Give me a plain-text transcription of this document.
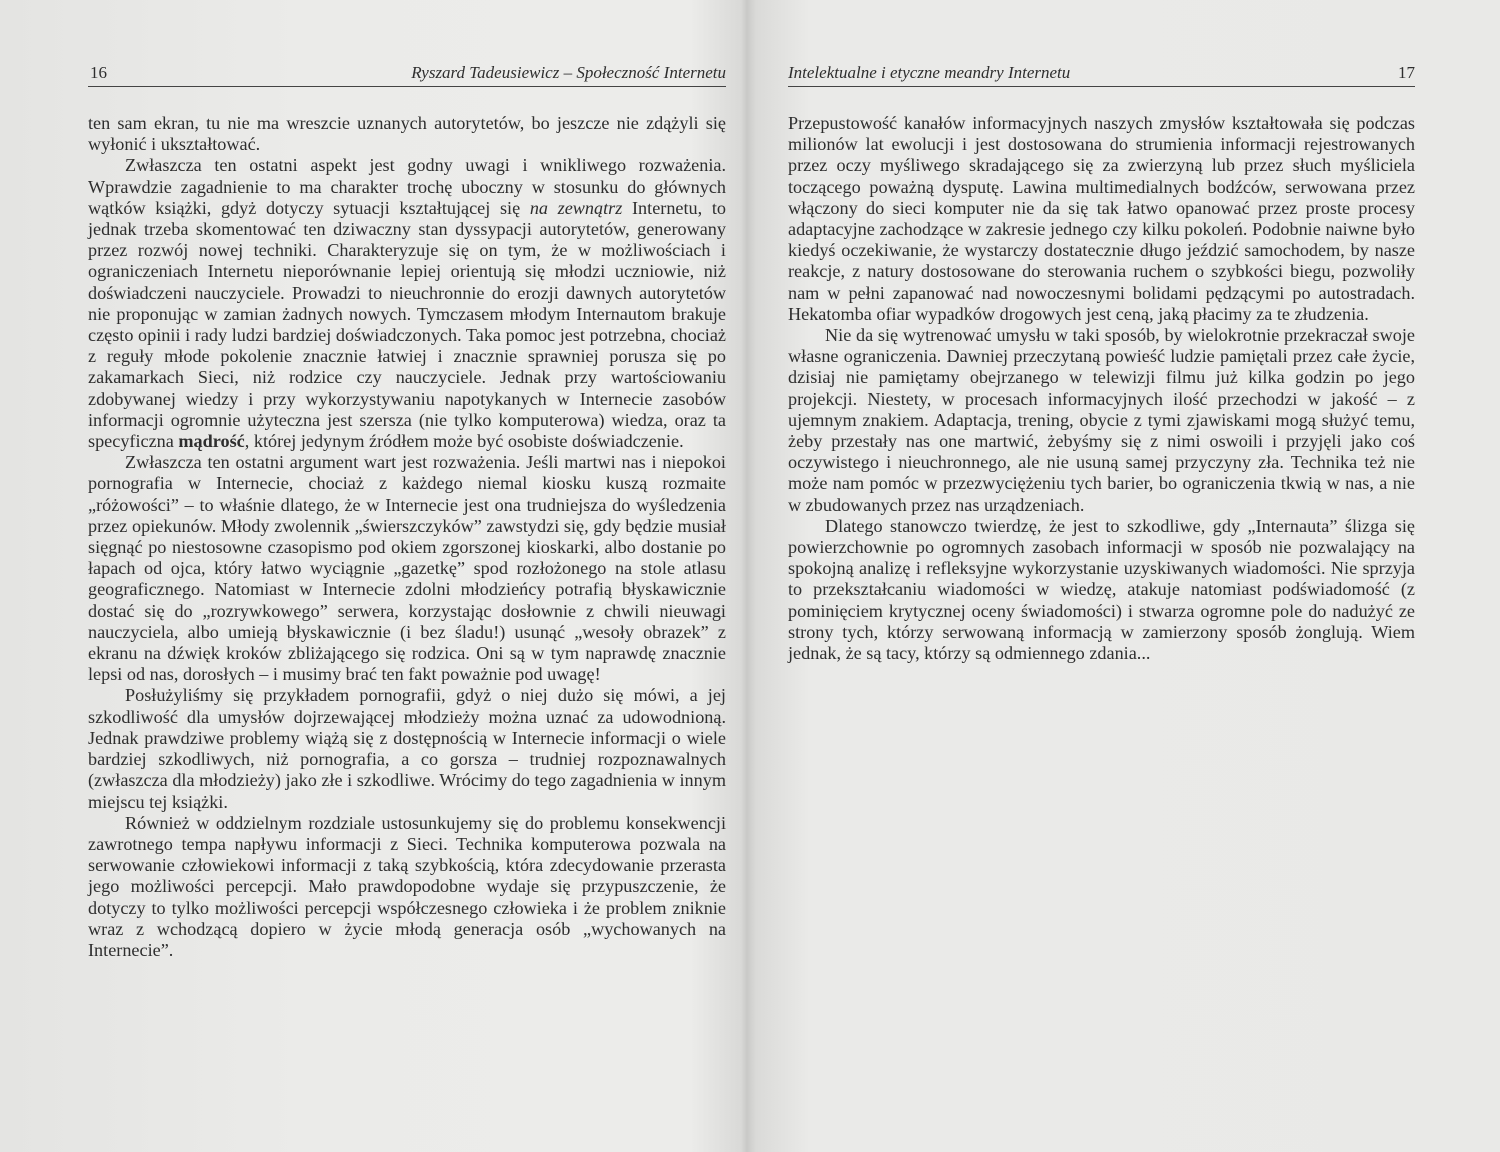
16	Ryszard Tadeusiewicz – Społeczność Internetu

ten sam ekran, tu nie ma wreszcie uznanych autorytetów, bo jeszcze nie zdążyli się wyłonić i ukształtować.

Zwłaszcza ten ostatni aspekt jest godny uwagi i wnikliwego rozważenia. Wprawdzie zagadnienie to ma charakter trochę uboczny w stosunku do głównych wątków książki, gdyż dotyczy sytuacji kształtującej się na zewnątrz Internetu, to jednak trzeba skomentować ten dziwaczny stan dyssypacji autorytetów, generowany przez rozwój nowej techniki. Charakteryzuje się on tym, że w możliwościach i ograniczeniach Internetu nieporównanie lepiej orientują się młodzi uczniowie, niż doświadczeni nauczyciele. Prowadzi to nieuchronnie do erozji dawnych autorytetów nie proponując w zamian żadnych nowych. Tymczasem młodym Internautom brakuje często opinii i rady ludzi bardziej doświadczonych. Taka pomoc jest potrzebna, chociaż z reguły młode pokolenie znacznie łatwiej i znacznie sprawniej porusza się po zakamarkach Sieci, niż rodzice czy nauczyciele. Jednak przy wartościowaniu zdobywanej wiedzy i przy wykorzystywaniu napotykanych w Internecie zasobów informacji ogromnie użyteczna jest szersza (nie tylko komputerowa) wiedza, oraz ta specyficzna mądrość, której jedynym źródłem może być osobiste doświadczenie.

Zwłaszcza ten ostatni argument wart jest rozważenia. Jeśli martwi nas i niepokoi pornografia w Internecie, chociaż z każdego niemal kiosku kuszą rozmaite „różowości” – to właśnie dlatego, że w Internecie jest ona trudniejsza do wyśledzenia przez opiekunów. Młody zwolennik „świerszczyków” zawstydzi się, gdy będzie musiał sięgnąć po niestosowne czasopismo pod okiem zgorszonej kioskarki, albo dostanie po łapach od ojca, który łatwo wyciągnie „gazetkę” spod rozłożonego na stole atlasu geograficznego. Natomiast w Internecie zdolni młodzieńcy potrafią błyskawicznie dostać się do „rozrywkowego” serwera, korzystając dosłownie z chwili nieuwagi nauczyciela, albo umieją błyskawicznie (i bez śladu!) usunąć „wesoły obrazek” z ekranu na dźwięk kroków zbliżającego się rodzica. Oni są w tym naprawdę znacznie lepsi od nas, dorosłych – i musimy brać ten fakt poważnie pod uwagę!

Posłużyliśmy się przykładem pornografii, gdyż o niej dużo się mówi, a jej szkodliwość dla umysłów dojrzewającej młodzieży można uznać za udowodnioną. Jednak prawdziwe problemy wiążą się z dostępnością w Internecie informacji o wiele bardziej szkodliwych, niż pornografia, a co gorsza – trudniej rozpoznawalnych (zwłaszcza dla młodzieży) jako złe i szkodliwe. Wrócimy do tego zagadnienia w innym miejscu tej książki.

Również w oddzielnym rozdziale ustosunkujemy się do problemu konsekwencji zawrotnego tempa napływu informacji z Sieci. Technika komputerowa pozwala na serwowanie człowiekowi informacji z taką szybkością, która zdecydowanie przerasta jego możliwości percepcji. Mało prawdopodobne wydaje się przypuszczenie, że dotyczy to tylko możliwości percepcji współczesnego człowieka i że problem zniknie wraz z wchodzącą dopiero w życie młodą generacja osób „wychowanych na Internecie”.

Intelektualne i etyczne meandry Internetu	17

Przepustowość kanałów informacyjnych naszych zmysłów kształtowała się podczas milionów lat ewolucji i jest dostosowana do strumienia informacji rejestrowanych przez oczy myśliwego skradającego się za zwierzyną lub przez słuch myśliciela toczącego poważną dysputę. Lawina multimedialnych bodźców, serwowana przez włączony do sieci komputer nie da się tak łatwo opanować przez proste procesy adaptacyjne zachodzące w zakresie jednego czy kilku pokoleń. Podobnie naiwne było kiedyś oczekiwanie, że wystarczy dostatecznie długo jeździć samochodem, by nasze reakcje, z natury dostosowane do sterowania ruchem o szybkości biegu, pozwoliły nam w pełni zapanować nad nowoczesnymi bolidami pędzącymi po autostradach. Hekatomba ofiar wypadków drogowych jest ceną, jaką płacimy za te złudzenia.

Nie da się wytrenować umysłu w taki sposób, by wielokrotnie przekraczał swoje własne ograniczenia. Dawniej przeczytaną powieść ludzie pamiętali przez całe życie, dzisiaj nie pamiętamy obejrzanego w telewizji filmu już kilka godzin po jego projekcji. Niestety, w procesach informacyjnych ilość przechodzi w jakość – z ujemnym znakiem. Adaptacja, trening, obycie z tymi zjawiskami mogą służyć temu, żeby przestały nas one martwić, żebyśmy się z nimi oswoili i przyjęli jako coś oczywistego i nieuchronnego, ale nie usuną samej przyczyny zła. Technika też nie może nam pomóc w przezwyciężeniu tych barier, bo ograniczenia tkwią w nas, a nie w zbudowanych przez nas urządzeniach.

Dlatego stanowczo twierdzę, że jest to szkodliwe, gdy „Internauta” ślizga się powierzchownie po ogromnych zasobach informacji w sposób nie pozwalający na spokojną analizę i refleksyjne wykorzystanie uzyskiwanych wiadomości. Nie sprzyja to przekształcaniu wiadomości w wiedzę, atakuje natomiast podświadomość (z pominięciem krytycznej oceny świadomości) i stwarza ogromne pole do nadużyć ze strony tych, którzy serwowaną informacją w zamierzony sposób żonglują. Wiem jednak, że są tacy, którzy są odmiennego zdania...
